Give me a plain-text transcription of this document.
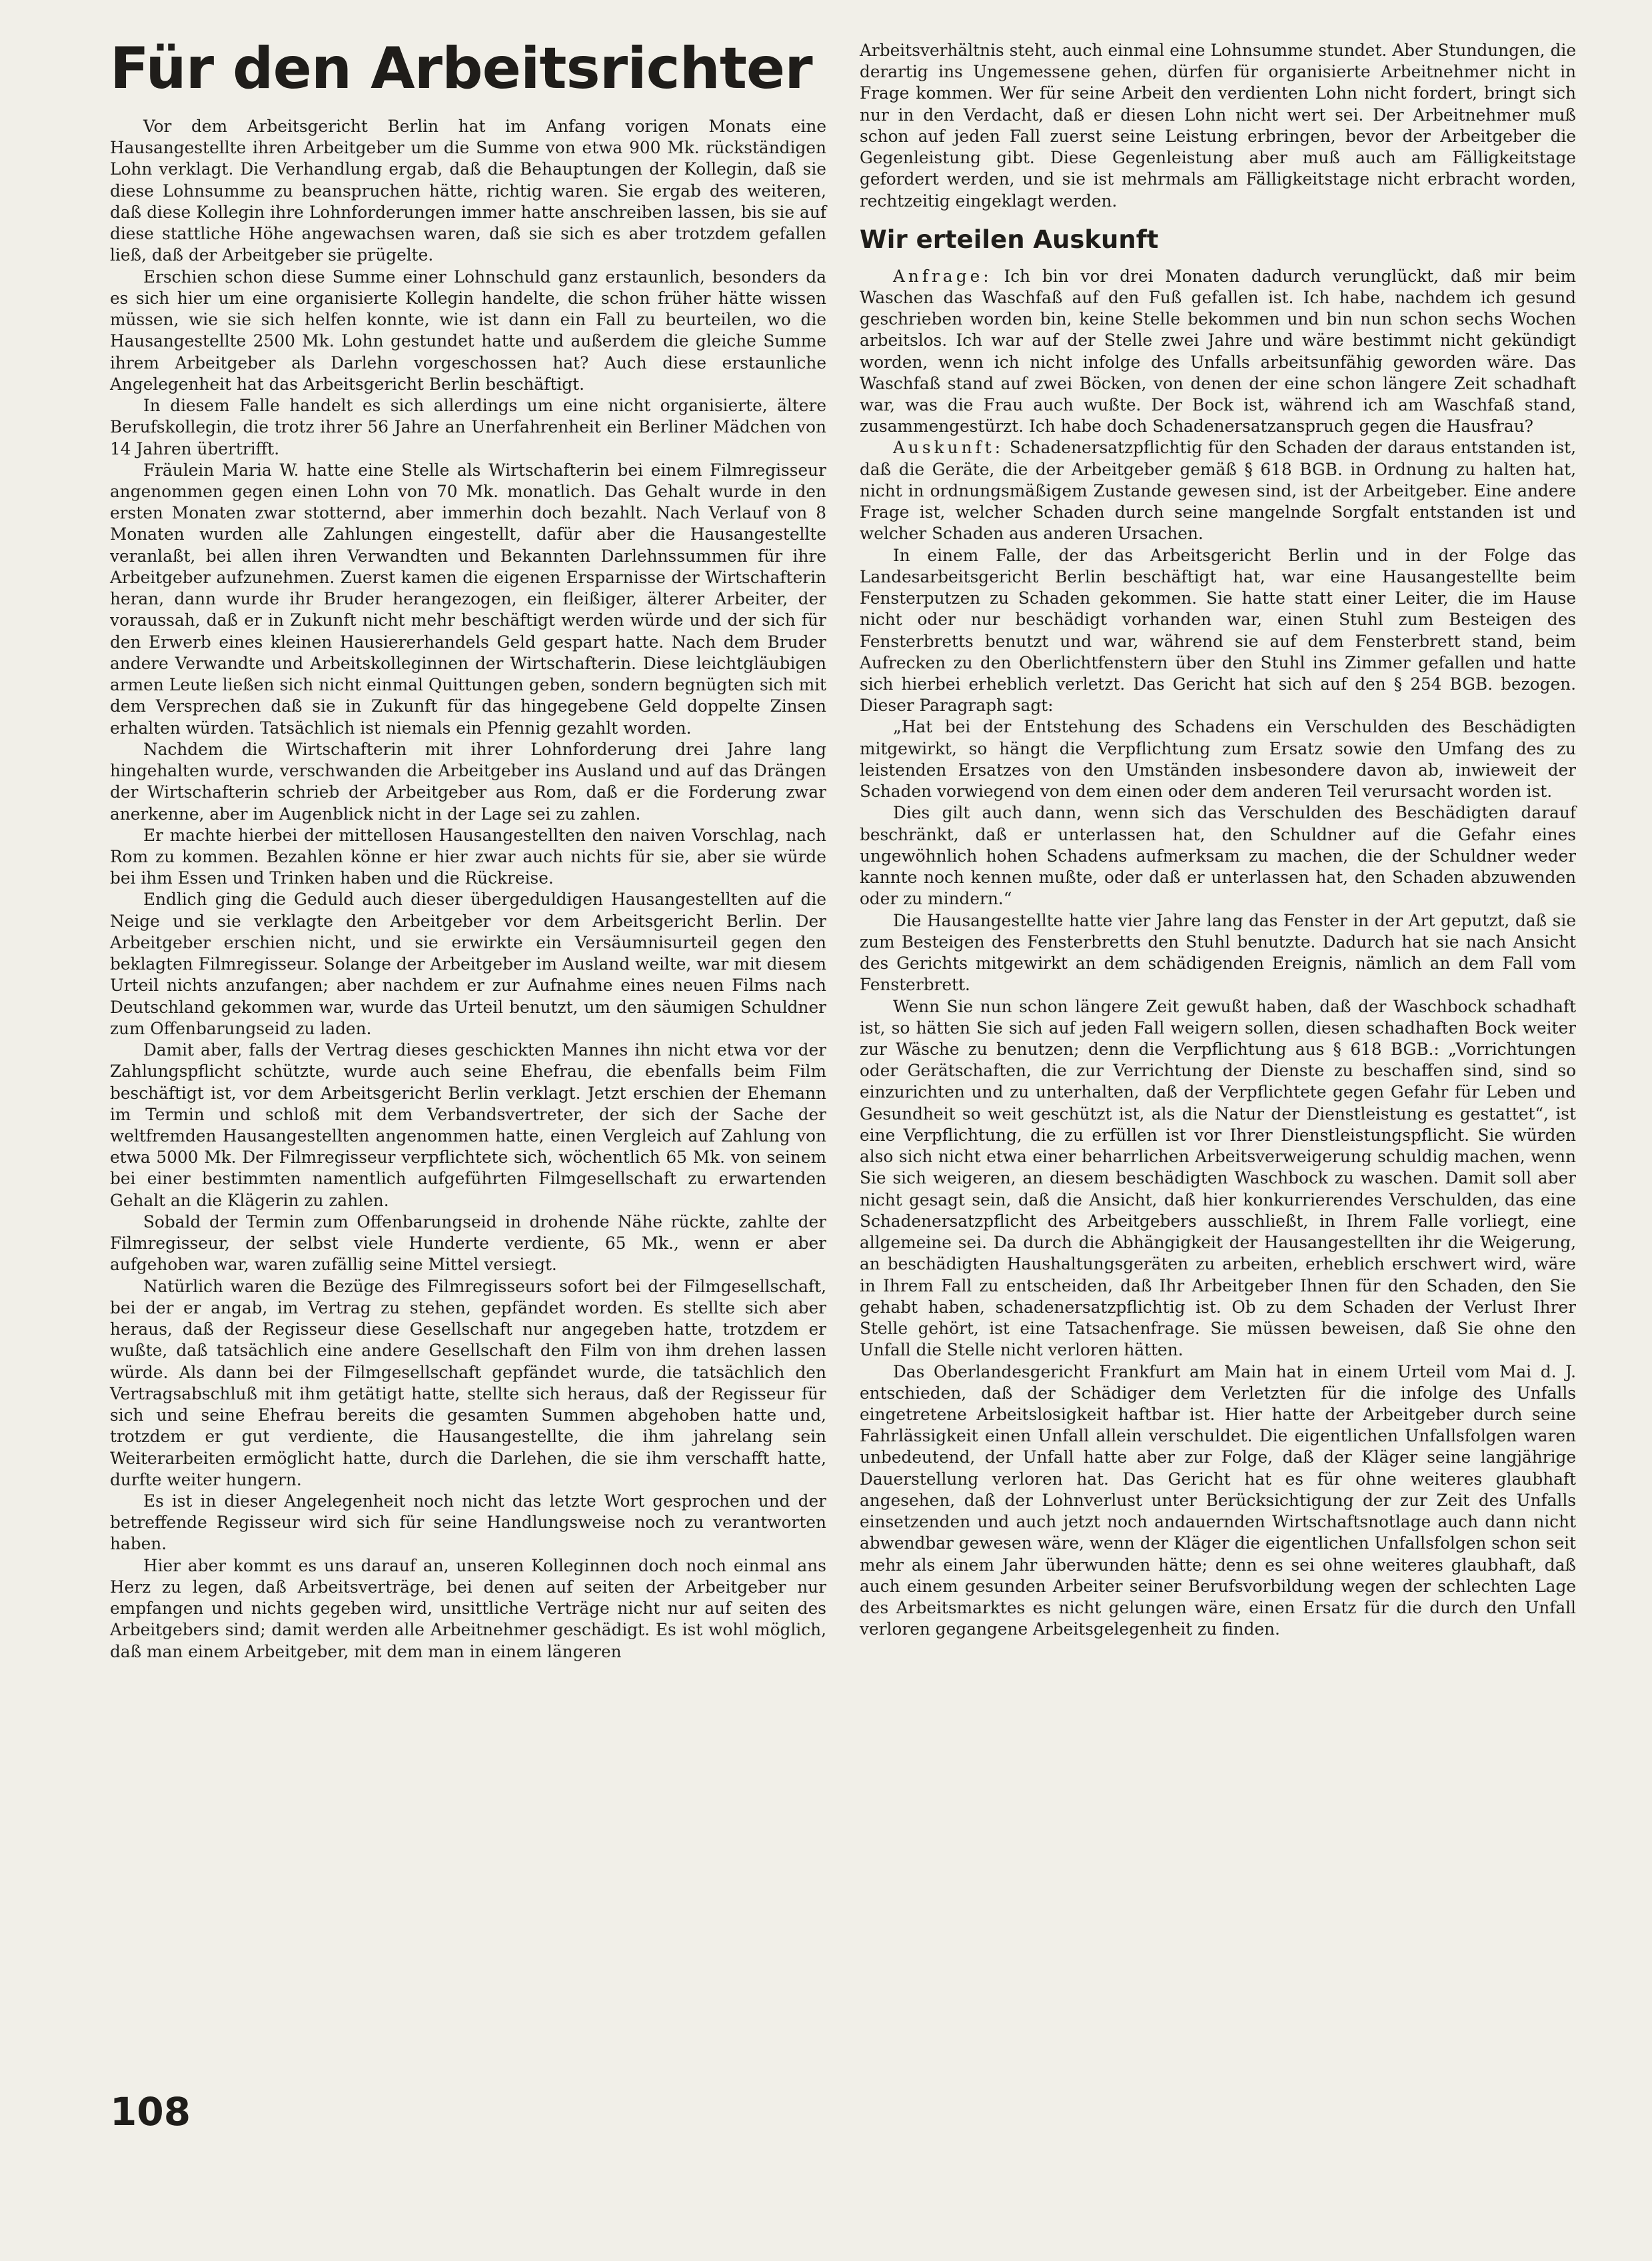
Für den Arbeitsrichter

Vor dem Arbeitsgericht Berlin hat im Anfang vorigen Monats eine Hausangestellte ihren Arbeitgeber um die Summe von etwa 900 Mk. rückständigen Lohn verklagt. Die Verhandlung ergab, daß die Behauptungen der Kollegin, daß sie diese Lohnsumme zu beanspruchen hätte, richtig waren. Sie ergab des weiteren, daß diese Kollegin ihre Lohnforderungen immer hatte anschreiben lassen, bis sie auf diese stattliche Höhe angewachsen waren, daß sie sich es aber trotzdem gefallen ließ, daß der Arbeitgeber sie prügelte.

Erschien schon diese Summe einer Lohnschuld ganz erstaunlich, besonders da es sich hier um eine organisierte Kollegin handelte, die schon früher hätte wissen müssen, wie sie sich helfen konnte, wie ist dann ein Fall zu beurteilen, wo die Hausangestellte 2500 Mk. Lohn gestundet hatte und außerdem die gleiche Summe ihrem Arbeitgeber als Darlehn vorgeschossen hat? Auch diese erstaunliche Angelegenheit hat das Arbeitsgericht Berlin beschäftigt.

In diesem Falle handelt es sich allerdings um eine nicht organisierte, ältere Berufskollegin, die trotz ihrer 56 Jahre an Unerfahrenheit ein Berliner Mädchen von 14 Jahren übertrifft.

Fräulein Maria W. hatte eine Stelle als Wirtschafterin bei einem Filmregisseur angenommen gegen einen Lohn von 70 Mk. monatlich. Das Gehalt wurde in den ersten Monaten zwar stotternd, aber immerhin doch bezahlt. Nach Verlauf von 8 Monaten wurden alle Zahlungen eingestellt, dafür aber die Hausangestellte veranlaßt, bei allen ihren Verwandten und Bekannten Darlehnssummen für ihre Arbeitgeber aufzunehmen. Zuerst kamen die eigenen Ersparnisse der Wirtschafterin heran, dann wurde ihr Bruder herangezogen, ein fleißiger, älterer Arbeiter, der voraussah, daß er in Zukunft nicht mehr beschäftigt werden würde und der sich für den Erwerb eines kleinen Hausiererhandels Geld gespart hatte. Nach dem Bruder andere Verwandte und Arbeitskolleginnen der Wirtschafterin. Diese leichtgläubigen armen Leute ließen sich nicht einmal Quittungen geben, sondern begnügten sich mit dem Versprechen daß sie in Zukunft für das hingegebene Geld doppelte Zinsen erhalten würden. Tatsächlich ist niemals ein Pfennig gezahlt worden.

Nachdem die Wirtschafterin mit ihrer Lohnforderung drei Jahre lang hingehalten wurde, verschwanden die Arbeitgeber ins Ausland und auf das Drängen der Wirtschafterin schrieb der Arbeitgeber aus Rom, daß er die Forderung zwar anerkenne, aber im Augenblick nicht in der Lage sei zu zahlen.

Er machte hierbei der mittellosen Hausangestellten den naiven Vorschlag, nach Rom zu kommen. Bezahlen könne er hier zwar auch nichts für sie, aber sie würde bei ihm Essen und Trinken haben und die Rückreise.

Endlich ging die Geduld auch dieser übergeduldigen Hausangestellten auf die Neige und sie verklagte den Arbeitgeber vor dem Arbeitsgericht Berlin. Der Arbeitgeber erschien nicht, und sie erwirkte ein Versäumnisurteil gegen den beklagten Filmregisseur. Solange der Arbeitgeber im Ausland weilte, war mit diesem Urteil nichts anzufangen; aber nachdem er zur Aufnahme eines neuen Films nach Deutschland gekommen war, wurde das Urteil benutzt, um den säumigen Schuldner zum Offenbarungseid zu laden.

Damit aber, falls der Vertrag dieses geschickten Mannes ihn nicht etwa vor der Zahlungspflicht schützte, wurde auch seine Ehefrau, die ebenfalls beim Film beschäftigt ist, vor dem Arbeitsgericht Berlin verklagt. Jetzt erschien der Ehemann im Termin und schloß mit dem Verbandsvertreter, der sich der Sache der weltfremden Hausangestellten angenommen hatte, einen Vergleich auf Zahlung von etwa 5000 Mk. Der Filmregisseur verpflichtete sich, wöchentlich 65 Mk. von seinem bei einer bestimmten namentlich aufgeführten Filmgesellschaft zu erwartenden Gehalt an die Klägerin zu zahlen.

Sobald der Termin zum Offenbarungseid in drohende Nähe rückte, zahlte der Filmregisseur, der selbst viele Hunderte verdiente, 65 Mk., wenn er aber aufgehoben war, waren zufällig seine Mittel versiegt.

Natürlich waren die Bezüge des Filmregisseurs sofort bei der Filmgesellschaft, bei der er angab, im Vertrag zu stehen, gepfändet worden. Es stellte sich aber heraus, daß der Regisseur diese Gesellschaft nur angegeben hatte, trotzdem er wußte, daß tatsächlich eine andere Gesellschaft den Film von ihm drehen lassen würde. Als dann bei der Filmgesellschaft gepfändet wurde, die tatsächlich den Vertragsabschluß mit ihm getätigt hatte, stellte sich heraus, daß der Regisseur für sich und seine Ehefrau bereits die gesamten Summen abgehoben hatte und, trotzdem er gut verdiente, die Hausangestellte, die ihm jahrelang sein Weiterarbeiten ermöglicht hatte, durch die Darlehen, die sie ihm verschafft hatte, durfte weiter hungern.

Es ist in dieser Angelegenheit noch nicht das letzte Wort gesprochen und der betreffende Regisseur wird sich für seine Handlungsweise noch zu verantworten haben.

Hier aber kommt es uns darauf an, unseren Kolleginnen doch noch einmal ans Herz zu legen, daß Arbeitsverträge, bei denen auf seiten der Arbeitgeber nur empfangen und nichts gegeben wird, unsittliche Verträge nicht nur auf seiten des Arbeitgebers sind; damit werden alle Arbeitnehmer geschädigt. Es ist wohl möglich, daß man einem Arbeitgeber, mit dem man in einem längeren

Arbeitsverhältnis steht, auch einmal eine Lohnsumme stundet. Aber Stundungen, die derartig ins Ungemessene gehen, dürfen für organisierte Arbeitnehmer nicht in Frage kommen. Wer für seine Arbeit den verdienten Lohn nicht fordert, bringt sich nur in den Verdacht, daß er diesen Lohn nicht wert sei. Der Arbeitnehmer muß schon auf jeden Fall zuerst seine Leistung erbringen, bevor der Arbeitgeber die Gegenleistung gibt. Diese Gegenleistung aber muß auch am Fälligkeitstage gefordert werden, und sie ist mehrmals am Fälligkeitstage nicht erbracht worden, rechtzeitig eingeklagt werden.

Wir erteilen Auskunft

Anfrage: Ich bin vor drei Monaten dadurch verunglückt, daß mir beim Waschen das Waschfaß auf den Fuß gefallen ist. Ich habe, nachdem ich gesund geschrieben worden bin, keine Stelle bekommen und bin nun schon sechs Wochen arbeitslos. Ich war auf der Stelle zwei Jahre und wäre bestimmt nicht gekündigt worden, wenn ich nicht infolge des Unfalls arbeitsunfähig geworden wäre. Das Waschfaß stand auf zwei Böcken, von denen der eine schon längere Zeit schadhaft war, was die Frau auch wußte. Der Bock ist, während ich am Waschfaß stand, zusammengestürzt. Ich habe doch Schadenersatzanspruch gegen die Hausfrau?

Auskunft: Schadenersatzpflichtig für den Schaden der daraus entstanden ist, daß die Geräte, die der Arbeitgeber gemäß § 618 BGB. in Ordnung zu halten hat, nicht in ordnungsmäßigem Zustande gewesen sind, ist der Arbeitgeber. Eine andere Frage ist, welcher Schaden durch seine mangelnde Sorgfalt entstanden ist und welcher Schaden aus anderen Ursachen.

In einem Falle, der das Arbeitsgericht Berlin und in der Folge das Landesarbeitsgericht Berlin beschäftigt hat, war eine Hausangestellte beim Fensterputzen zu Schaden gekommen. Sie hatte statt einer Leiter, die im Hause nicht oder nur beschädigt vorhanden war, einen Stuhl zum Besteigen des Fensterbretts benutzt und war, während sie auf dem Fensterbrett stand, beim Aufrecken zu den Oberlichtfenstern über den Stuhl ins Zimmer gefallen und hatte sich hierbei erheblich verletzt. Das Gericht hat sich auf den § 254 BGB. bezogen. Dieser Paragraph sagt:

„Hat bei der Entstehung des Schadens ein Verschulden des Beschädigten mitgewirkt, so hängt die Verpflichtung zum Ersatz sowie den Umfang des zu leistenden Ersatzes von den Umständen insbesondere davon ab, inwieweit der Schaden vorwiegend von dem einen oder dem anderen Teil verursacht worden ist.

Dies gilt auch dann, wenn sich das Verschulden des Beschädigten darauf beschränkt, daß er unterlassen hat, den Schuldner auf die Gefahr eines ungewöhnlich hohen Schadens aufmerksam zu machen, die der Schuldner weder kannte noch kennen mußte, oder daß er unterlassen hat, den Schaden abzuwenden oder zu mindern.“

Die Hausangestellte hatte vier Jahre lang das Fenster in der Art geputzt, daß sie zum Besteigen des Fensterbretts den Stuhl benutzte. Dadurch hat sie nach Ansicht des Gerichts mitgewirkt an dem schädigenden Ereignis, nämlich an dem Fall vom Fensterbrett.

Wenn Sie nun schon längere Zeit gewußt haben, daß der Waschbock schadhaft ist, so hätten Sie sich auf jeden Fall weigern sollen, diesen schadhaften Bock weiter zur Wäsche zu benutzen; denn die Verpflichtung aus § 618 BGB.: „Vorrichtungen oder Gerätschaften, die zur Verrichtung der Dienste zu beschaffen sind, sind so einzurichten und zu unterhalten, daß der Verpflichtete gegen Gefahr für Leben und Gesundheit so weit geschützt ist, als die Natur der Dienstleistung es gestattet“, ist eine Verpflichtung, die zu erfüllen ist vor Ihrer Dienstleistungspflicht. Sie würden also sich nicht etwa einer beharrlichen Arbeitsverweigerung schuldig machen, wenn Sie sich weigeren, an diesem beschädigten Waschbock zu waschen. Damit soll aber nicht gesagt sein, daß die Ansicht, daß hier konkurrierendes Verschulden, das eine Schadenersatzpflicht des Arbeitgebers ausschließt, in Ihrem Falle vorliegt, eine allgemeine sei. Da durch die Abhängigkeit der Hausangestellten ihr die Weigerung, an beschädigten Haushaltungsgeräten zu arbeiten, erheblich erschwert wird, wäre in Ihrem Fall zu entscheiden, daß Ihr Arbeitgeber Ihnen für den Schaden, den Sie gehabt haben, schadenersatzpflichtig ist. Ob zu dem Schaden der Verlust Ihrer Stelle gehört, ist eine Tatsachenfrage. Sie müssen beweisen, daß Sie ohne den Unfall die Stelle nicht verloren hätten.

Das Oberlandesgericht Frankfurt am Main hat in einem Urteil vom Mai d. J. entschieden, daß der Schädiger dem Verletzten für die infolge des Unfalls eingetretene Arbeitslosigkeit haftbar ist. Hier hatte der Arbeitgeber durch seine Fahrlässigkeit einen Unfall allein verschuldet. Die eigentlichen Unfallsfolgen waren unbedeutend, der Unfall hatte aber zur Folge, daß der Kläger seine langjährige Dauerstellung verloren hat. Das Gericht hat es für ohne weiteres glaubhaft angesehen, daß der Lohnverlust unter Berücksichtigung der zur Zeit des Unfalls einsetzenden und auch jetzt noch andauernden Wirtschaftsnotlage auch dann nicht abwendbar gewesen wäre, wenn der Kläger die eigentlichen Unfallsfolgen schon seit mehr als einem Jahr überwunden hätte; denn es sei ohne weiteres glaubhaft, daß auch einem gesunden Arbeiter seiner Berufsvorbildung wegen der schlechten Lage des Arbeitsmarktes es nicht gelungen wäre, einen Ersatz für die durch den Unfall verloren gegangene Arbeitsgelegenheit zu finden.

108
